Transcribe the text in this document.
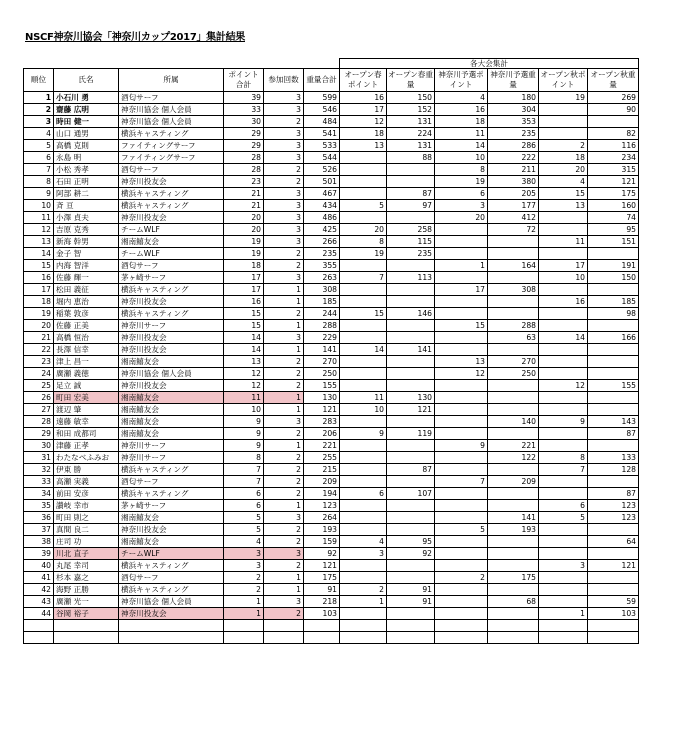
NSCF神奈川協会「神奈川カップ2017」集計結果
						各大会集計					
順位	氏名	所属	ポイント合計	参加回数	重量合計	オープン春ポイント	オープン春重量	神奈川予選ポイント	神奈川予選重量	オープン秋ポイント	オープン秋重量
1	小石川 勇	酒匂サーフ	39	3	599	16	150	4	180	19	269
2	齋藤 広明	神奈川協会 個人会員	33	3	546	17	152	16	304		90
3	時田 健一	神奈川協会 個人会員	30	2	484	12	131	18	353		
4	山口 通男	横浜キャスティング	29	3	541	18	224	11	235		82
5	高橋 克則	ファイティングサーフ	29	3	533	13	131	14	286	2	116
6	永島 明	ファイティングサーフ	28	3	544		88	10	222	18	234
7	小松 秀孝	酒匂サーフ	28	2	526			8	211	20	315
8	石田 正明	神奈川投友会	23	2	501			19	380	4	121
9	阿部 耕二	横浜キャスティング	21	3	467		87	6	205	15	175
10	斉 亘	横浜キャスティング	21	3	434	5	97	3	177	13	160
11	小澤 貞夫	神奈川投友会	20	3	486			20	412		74
12	吉原 克秀	チームWLF	20	3	425	20	258		72		95
13	新海 幹男	湘南鱚友会	19	3	266	8	115			11	151
14	金子 智	チームWLF	19	2	235	19	235				
15	内海 智洋	酒匂サーフ	18	2	355			1	164	17	191
16	佐藤 輝一	茅ヶ崎サーフ	17	3	263	7	113			10	150
17	松田 義征	横浜キャスティング	17	1	308			17	308		
18	堀内 恵治	神奈川投友会	16	1	185					16	185
19	稲葉 敦彦	横浜キャスティング	15	2	244	15	146				98
20	佐藤 正美	神奈川サーフ	15	1	288			15	288		
21	高橋 恒治	神奈川投友会	14	3	229				63	14	166
22	長澤 信幸	神奈川投友会	14	1	141	14	141				
23	津上 昌一	湘南鱚友会	13	2	270			13	270		
24	廣瀬 義徳	神奈川協会 個人会員	12	2	250			12	250		
25	足立 誠	神奈川投友会	12	2	155					12	155
26	町田 宏美	湘南鱚友会	11	1	130	11	130				
27	渡辺 肇	湘南鱚友会	10	1	121	10	121				
28	遠藤 敏幸	湘南鱚友会	9	3	283				140	9	143
29	和田 成都司	湘南鱚友会	9	2	206	9	119				87
30	津藤 正孝	神奈川サーフ	9	1	221			9	221		
31	わたなべふみお	神奈川サーフ	8	2	255				122	8	133
32	伊東 勝	横浜キャスティング	7	2	215		87			7	128
33	高瀬 実義	酒匂サーフ	7	2	209			7	209		
34	前田 安彦	横浜キャスティング	6	2	194	6	107				87
35	讃岐 幸市	茅ヶ崎サーフ	6	1	123					6	123
36	町田 則之	湘南鱚友会	5	3	264				141	5	123
37	真間 良二	神奈川投友会	5	2	193			5	193		
38	庄司 功	湘南鱚友会	4	2	159	4	95				64
39	川北 直子	チームWLF	3	3	92	3	92				
40	丸尾 幸司	横浜キャスティング	3	2	121					3	121
41	杉本 嘉之	酒匂サーフ	2	1	175			2	175		
42	海野 正勝	横浜キャスティング	2	1	91	2	91				
43	廣瀬 光一	神奈川協会 個人会員	1	3	218	1	91		68		59
44	谷岡 裕子	神奈川投友会	1	2	103					1	103
